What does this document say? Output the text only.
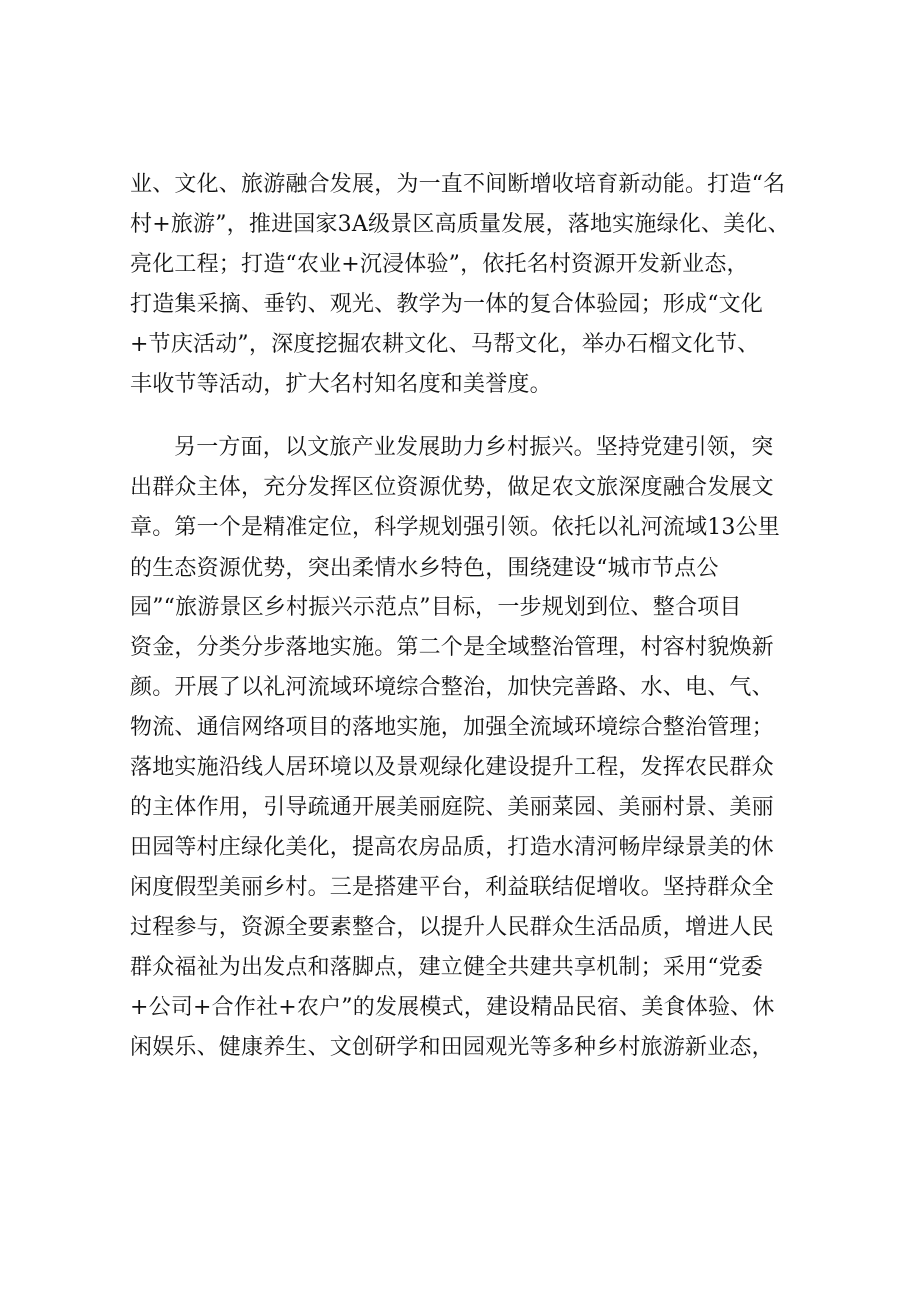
业、文化、旅游融合发展，为一直不间断增收培育新动能。打造“名
村+旅游”，推进国家3A级景区高质量发展，落地实施绿化、美化、
亮化工程；打造“农业+沉浸体验”，依托名村资源开发新业态，
打造集采摘、垂钓、观光、教学为一体的复合体验园；形成“文化
+节庆活动”，深度挖掘农耕文化、马帮文化，举办石榴文化节、
丰收节等活动，扩大名村知名度和美誉度。
另一方面，以文旅产业发展助力乡村振兴。坚持党建引领，突
出群众主体，充分发挥区位资源优势，做足农文旅深度融合发展文
章。第一个是精准定位，科学规划强引领。依托以礼河流域13公里
的生态资源优势，突出柔情水乡特色，围绕建设“城市节点公
园”“旅游景区乡村振兴示范点”目标，一步规划到位、整合项目
资金，分类分步落地实施。第二个是全域整治管理，村容村貌焕新
颜。开展了以礼河流域环境综合整治，加快完善路、水、电、气、
物流、通信网络项目的落地实施，加强全流域环境综合整治管理；
落地实施沿线人居环境以及景观绿化建设提升工程，发挥农民群众
的主体作用，引导疏通开展美丽庭院、美丽菜园、美丽村景、美丽
田园等村庄绿化美化，提高农房品质，打造水清河畅岸绿景美的休
闲度假型美丽乡村。三是搭建平台，利益联结促增收。坚持群众全
过程参与，资源全要素整合，以提升人民群众生活品质，增进人民
群众福祉为出发点和落脚点，建立健全共建共享机制；采用“党委
+公司+合作社+农户”的发展模式，建设精品民宿、美食体验、休
闲娱乐、健康养生、文创研学和田园观光等多种乡村旅游新业态，
